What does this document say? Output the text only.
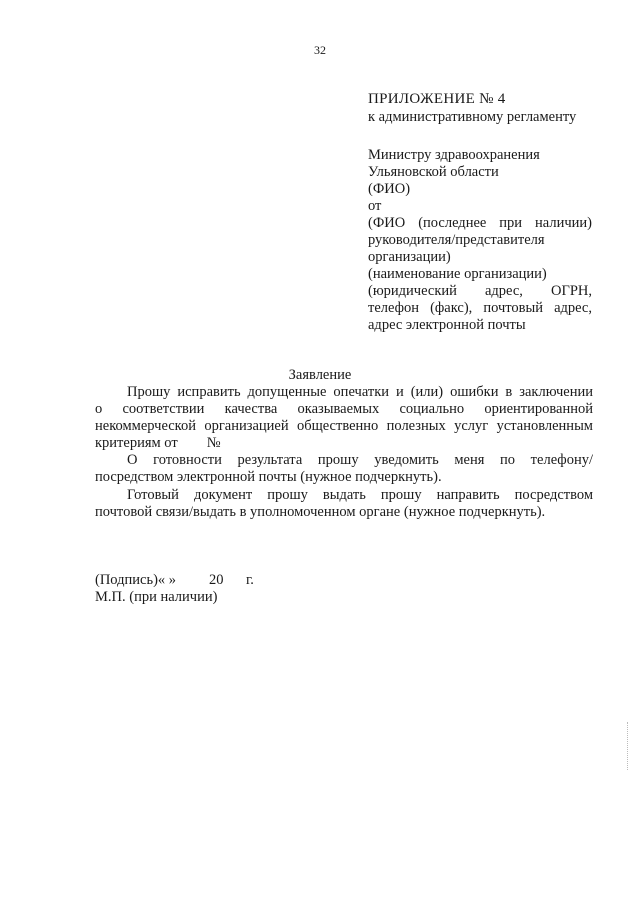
32
ПРИЛОЖЕНИЕ № 4
к административному регламенту
Министру здравоохранения
Ульяновской области
(ФИО)
от
(ФИО (последнее при наличии)
руководителя/представителя
организации)
(наименование организации)
(юридический адрес, ОГРН,
телефон (факс), почтовый адрес,
адрес электронной почты
Заявление
Прошу исправить допущенные опечатки и (или) ошибки в заключении
о соответствии качества оказываемых социально ориентированной
некоммерческой организацией общественно полезных услуг установленным
критериям от        №
О готовности результата прошу уведомить меня по телефону/
посредством электронной почты (нужное подчеркнуть).
Готовый документ прошу выдать прошу направить посредством
почтовой связи/выдать в уполномоченном органе (нужное подчеркнуть).
(Подпись)« » 20 г.
М.П. (при наличии)
